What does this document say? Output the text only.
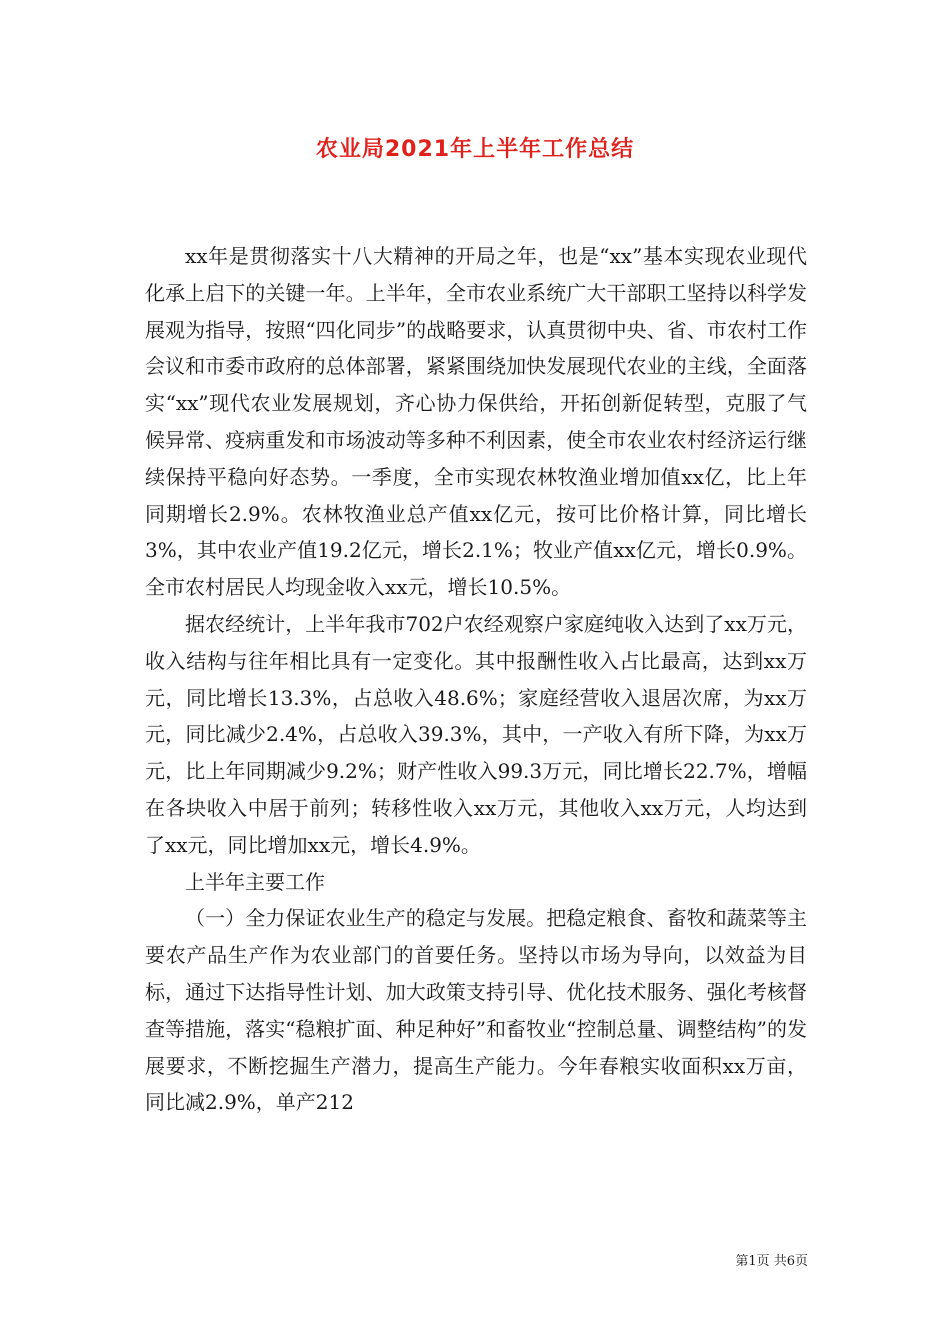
农业局2021年上半年工作总结

xx年是贯彻落实十八大精神的开局之年，也是“xx”基本实现农业现代化承上启下的关键一年。上半年，全市农业系统广大干部职工坚持以科学发展观为指导，按照“四化同步”的战略要求，认真贯彻中央、省、市农村工作会议和市委市政府的总体部署，紧紧围绕加快发展现代农业的主线，全面落实“xx”现代农业发展规划，齐心协力保供给，开拓创新促转型，克服了气候异常、疫病重发和市场波动等多种不利因素，使全市农业农村经济运行继续保持平稳向好态势。一季度，全市实现农林牧渔业增加值xx亿，比上年同期增长2.9%。农林牧渔业总产值xx亿元，按可比价格计算，同比增长3%，其中农业产值19.2亿元，增长2.1%；牧业产值xx亿元，增长0.9%。全市农村居民人均现金收入xx元，增长10.5%。

据农经统计，上半年我市702户农经观察户家庭纯收入达到了xx万元，收入结构与往年相比具有一定变化。其中报酬性收入占比最高，达到xx万元，同比增长13.3%，占总收入48.6%；家庭经营收入退居次席，为xx万元，同比减少2.4%，占总收入39.3%，其中，一产收入有所下降，为xx万元，比上年同期减少9.2%；财产性收入99.3万元，同比增长22.7%，增幅在各块收入中居于前列；转移性收入xx万元，其他收入xx万元，人均达到了xx元，同比增加xx元，增长4.9%。

上半年主要工作

（一）全力保证农业生产的稳定与发展。把稳定粮食、畜牧和蔬菜等主要农产品生产作为农业部门的首要任务。坚持以市场为导向，以效益为目标，通过下达指导性计划、加大政策支持引导、优化技术服务、强化考核督查等措施，落实“稳粮扩面、种足种好”和畜牧业“控制总量、调整结构”的发展要求，不断挖掘生产潜力，提高生产能力。今年春粮实收面积xx万亩，同比减2.9%，单产212

第1页 共6页
